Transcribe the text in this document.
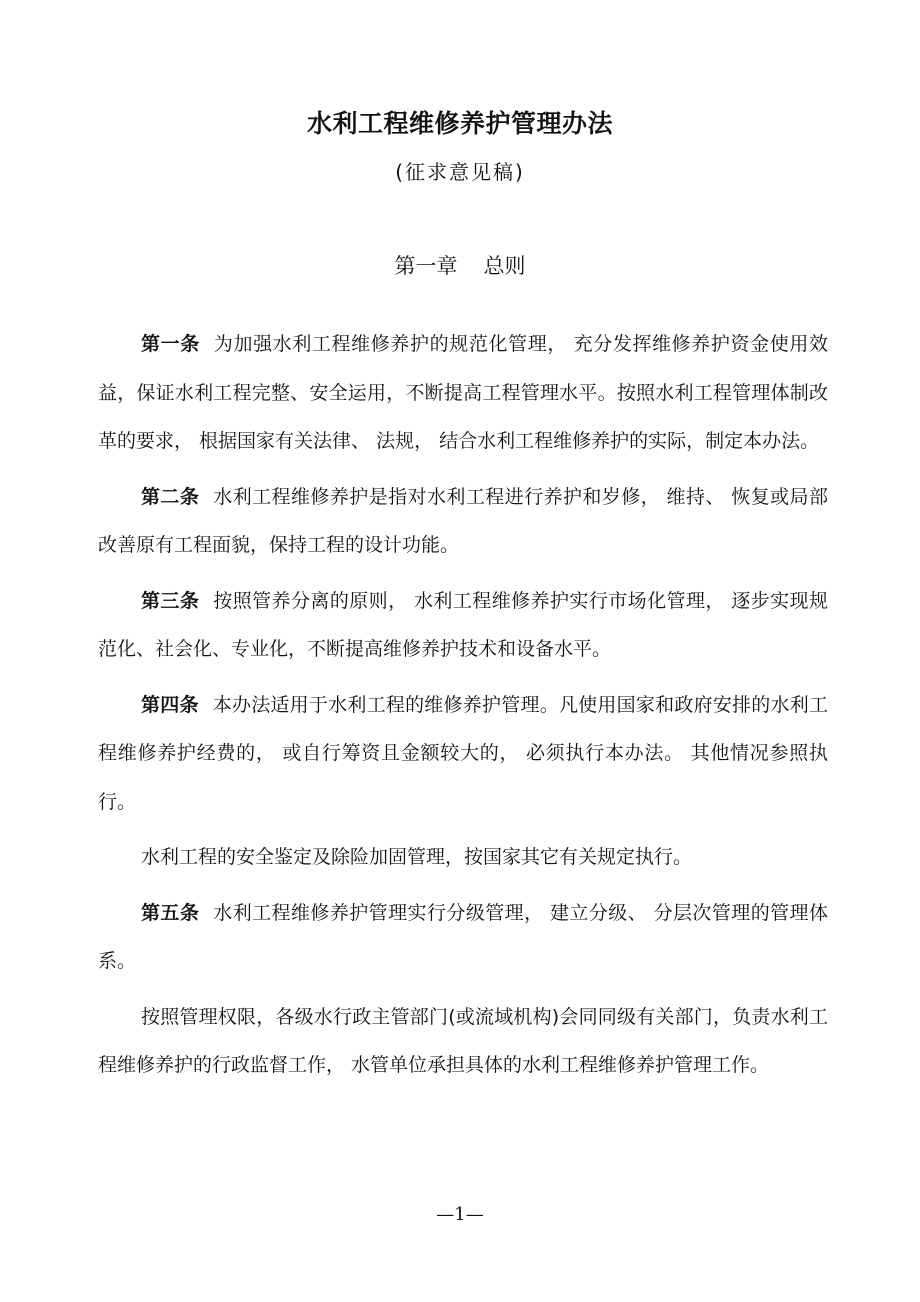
水利工程维修养护管理办法
(征求意见稿)
第一章 总则

第一条 为加强水利工程维修养护的规范化管理， 充分发挥维修养护资金使用效益，保证水利工程完整、安全运用，不断提高工程管理水平。按照水利工程管理体制改革的要求， 根据国家有关法律、 法规， 结合水利工程维修养护的实际，制定本办法。

第二条 水利工程维修养护是指对水利工程进行养护和岁修， 维持、 恢复或局部改善原有工程面貌，保持工程的设计功能。

第三条 按照管养分离的原则， 水利工程维修养护实行市场化管理， 逐步实现规范化、社会化、专业化，不断提高维修养护技术和设备水平。

第四条 本办法适用于水利工程的维修养护管理。凡使用国家和政府安排的水利工程维修养护经费的， 或自行筹资且金额较大的， 必须执行本办法。 其他情况参照执行。

水利工程的安全鉴定及除险加固管理，按国家其它有关规定执行。

第五条 水利工程维修养护管理实行分级管理， 建立分级、 分层次管理的管理体系。

按照管理权限，各级水行政主管部门(或流域机构)会同同级有关部门，负责水利工程维修养护的行政监督工作， 水管单位承担具体的水利工程维修养护管理工作。

—1—
